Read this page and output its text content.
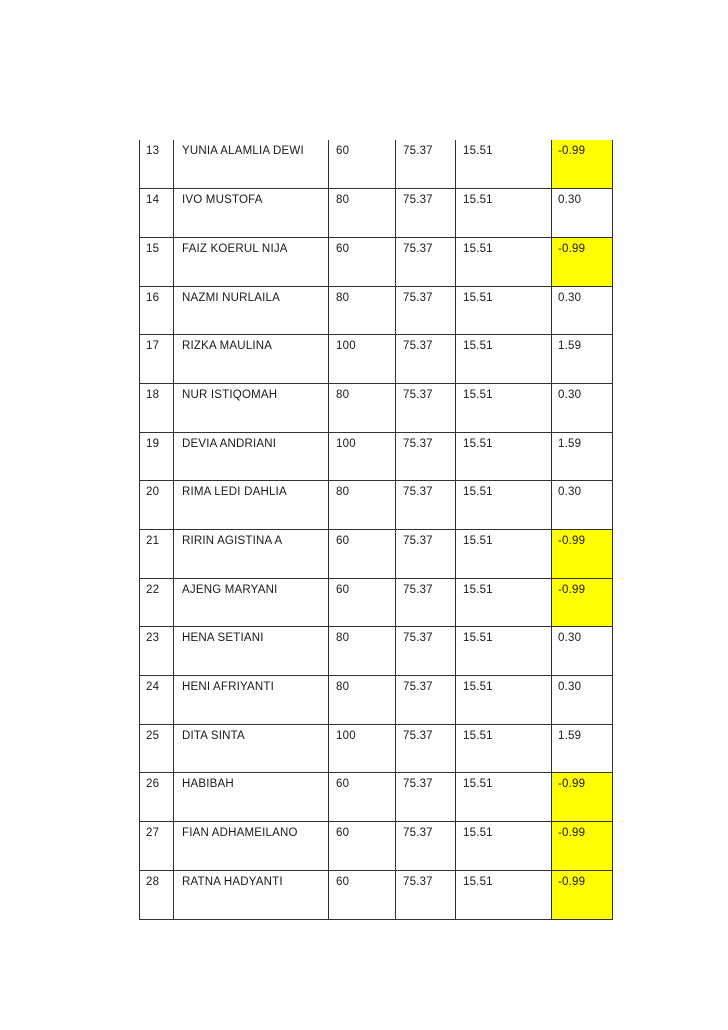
13	YUNIA ALAMLIA DEWI	60	75.37	15.51	-0.99
14	IVO MUSTOFA	80	75.37	15.51	0.30
15	FAIZ KOERUL NIJA	60	75.37	15.51	-0.99
16	NAZMI NURLAILA	80	75.37	15.51	0.30
17	RIZKA MAULINA	100	75.37	15.51	1.59
18	NUR ISTIQOMAH	80	75.37	15.51	0.30
19	DEVIA ANDRIANI	100	75.37	15.51	1.59
20	RIMA LEDI DAHLIA	80	75.37	15.51	0.30
21	RIRIN AGISTINA A	60	75.37	15.51	-0.99
22	AJENG MARYANI	60	75.37	15.51	-0.99
23	HENA SETIANI	80	75.37	15.51	0.30
24	HENI AFRIYANTI	80	75.37	15.51	0.30
25	DITA SINTA	100	75.37	15.51	1.59
26	HABIBAH	60	75.37	15.51	-0.99
27	FIAN ADHAMEILANO	60	75.37	15.51	-0.99
28	RATNA HADYANTI	60	75.37	15.51	-0.99
